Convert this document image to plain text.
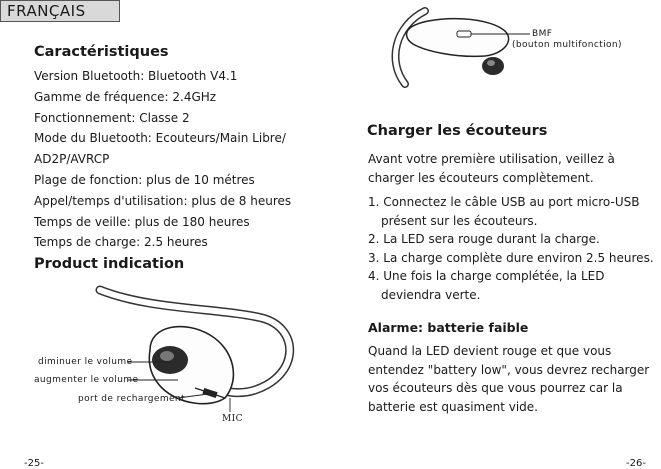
FRANÇAIS
Caractéristiques
Version Bluetooth: Bluetooth V4.1
Gamme de fréquence: 2.4GHz
Fonctionnement: Classe 2
Mode du Bluetooth: Ecouteurs/Main Libre/
AD2P/AVRCP
Plage de fonction: plus de 10 métres
Appel/temps d'utilisation: plus de 8 heures
Temps de veille: plus de 180 heures
Temps de charge: 2.5 heures
Product indication
diminuer le volume
augmenter le volume
port de rechargement
MIC
-25-
BMF
(bouton multifonction)
Charger les écouteurs

Avant votre première utilisation, veillez à charger les écouteurs complètement.

1. Connectez le câble USB au port micro-USB présent sur les écouteurs.
2. La LED sera rouge durant la charge.
3. La charge complète dure environ 2.5 heures.
4. Une fois la charge complétée, la LED deviendra verte.
Alarme: batterie faible

Quand la LED devient rouge et que vous entendez "battery low", vous devrez recharger vos écouteurs dès que vous pourrez car la batterie est quasiment vide.

-26-
